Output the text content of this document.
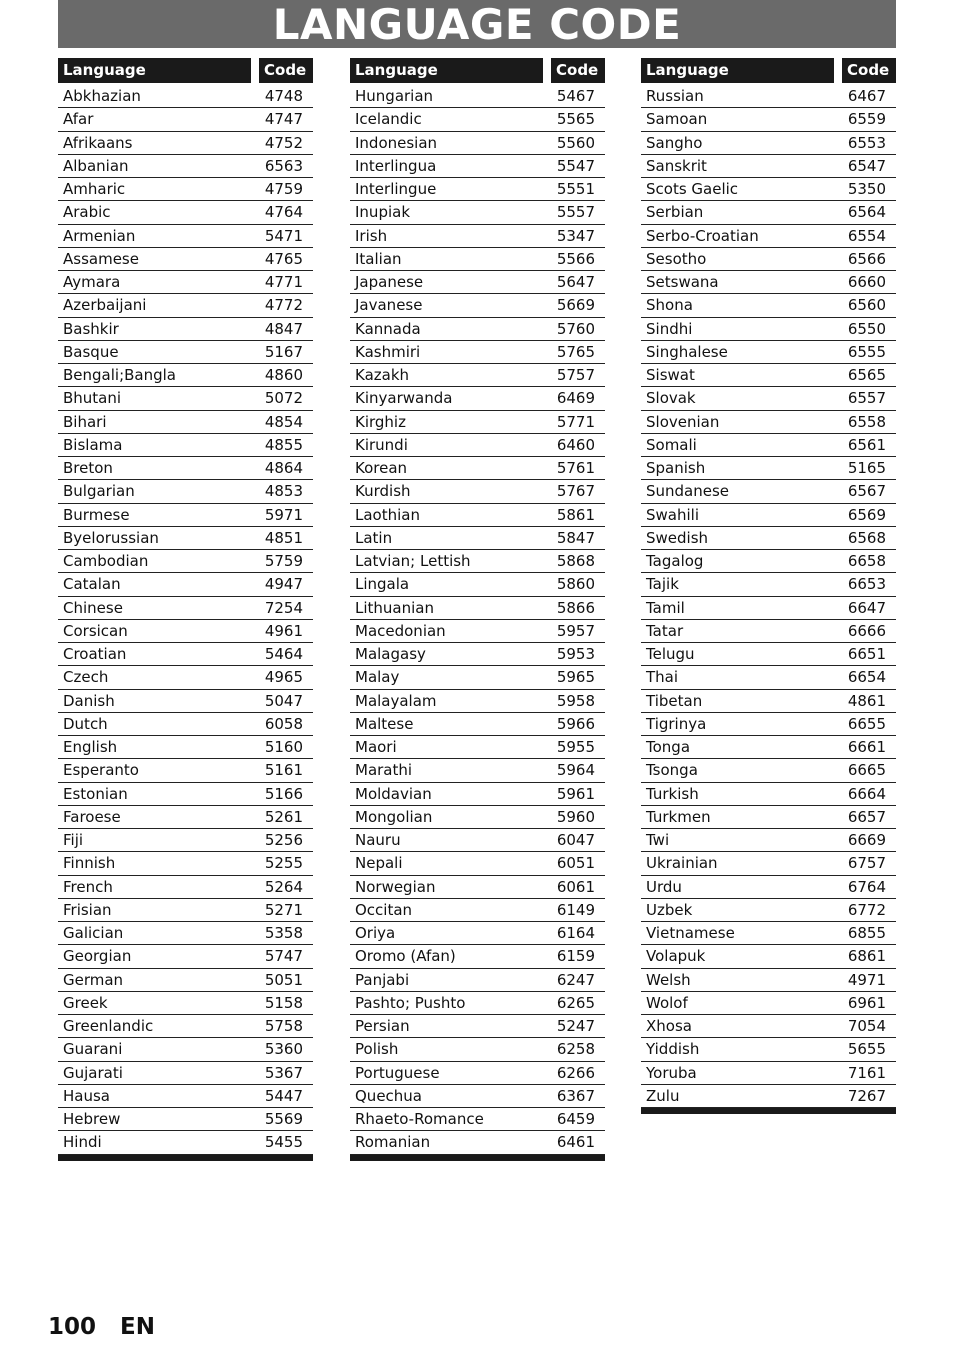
LANGUAGE CODE
Language	Code
Abkhazian	4748
Afar	4747
Afrikaans	4752
Albanian	6563
Amharic	4759
Arabic	4764
Armenian	5471
Assamese	4765
Aymara	4771
Azerbaijani	4772
Bashkir	4847
Basque	5167
Bengali;Bangla	4860
Bhutani	5072
Bihari	4854
Bislama	4855
Breton	4864
Bulgarian	4853
Burmese	5971
Byelorussian	4851
Cambodian	5759
Catalan	4947
Chinese	7254
Corsican	4961
Croatian	5464
Czech	4965
Danish	5047
Dutch	6058
English	5160
Esperanto	5161
Estonian	5166
Faroese	5261
Fiji	5256
Finnish	5255
French	5264
Frisian	5271
Galician	5358
Georgian	5747
German	5051
Greek	5158
Greenlandic	5758
Guarani	5360
Gujarati	5367
Hausa	5447
Hebrew	5569
Hindi	5455
Language	Code
Hungarian	5467
Icelandic	5565
Indonesian	5560
Interlingua	5547
Interlingue	5551
Inupiak	5557
Irish	5347
Italian	5566
Japanese	5647
Javanese	5669
Kannada	5760
Kashmiri	5765
Kazakh	5757
Kinyarwanda	6469
Kirghiz	5771
Kirundi	6460
Korean	5761
Kurdish	5767
Laothian	5861
Latin	5847
Latvian; Lettish	5868
Lingala	5860
Lithuanian	5866
Macedonian	5957
Malagasy	5953
Malay	5965
Malayalam	5958
Maltese	5966
Maori	5955
Marathi	5964
Moldavian	5961
Mongolian	5960
Nauru	6047
Nepali	6051
Norwegian	6061
Occitan	6149
Oriya	6164
Oromo (Afan)	6159
Panjabi	6247
Pashto; Pushto	6265
Persian	5247
Polish	6258
Portuguese	6266
Quechua	6367
Rhaeto-Romance	6459
Romanian	6461
Language	Code
Russian	6467
Samoan	6559
Sangho	6553
Sanskrit	6547
Scots Gaelic	5350
Serbian	6564
Serbo-Croatian	6554
Sesotho	6566
Setswana	6660
Shona	6560
Sindhi	6550
Singhalese	6555
Siswat	6565
Slovak	6557
Slovenian	6558
Somali	6561
Spanish	5165
Sundanese	6567
Swahili	6569
Swedish	6568
Tagalog	6658
Tajik	6653
Tamil	6647
Tatar	6666
Telugu	6651
Thai	6654
Tibetan	4861
Tigrinya	6655
Tonga	6661
Tsonga	6665
Turkish	6664
Turkmen	6657
Twi	6669
Ukrainian	6757
Urdu	6764
Uzbek	6772
Vietnamese	6855
Volapuk	6861
Welsh	4971
Wolof	6961
Xhosa	7054
Yiddish	5655
Yoruba	7161
Zulu	7267
100 EN
